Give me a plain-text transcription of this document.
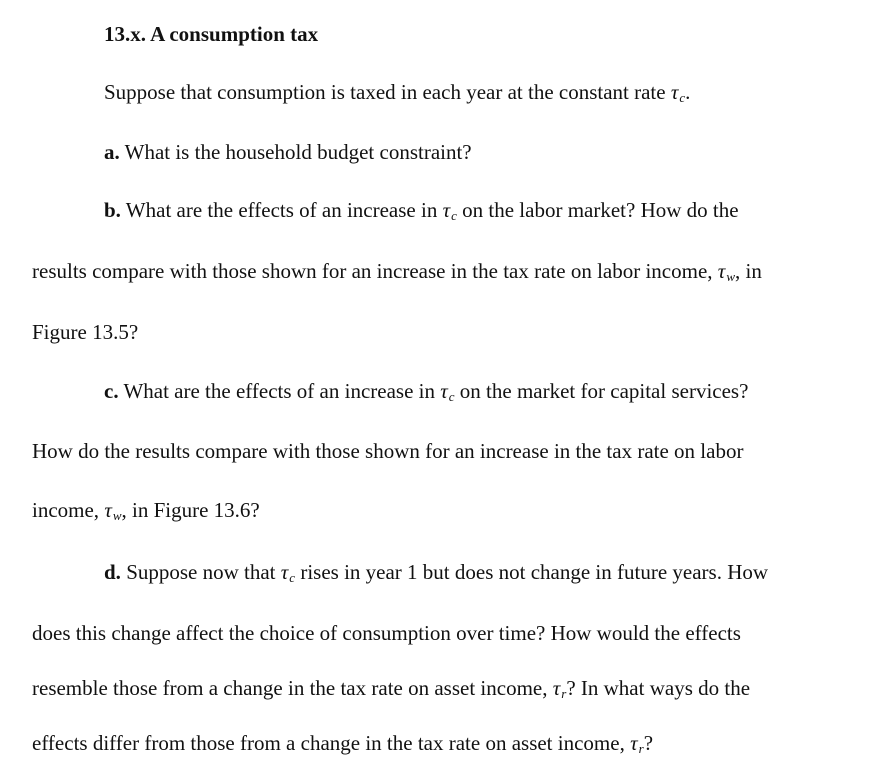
13.x. A consumption tax
Suppose that consumption is taxed in each year at the constant rate τc.
a. What is the household budget constraint?
b. What are the effects of an increase in τc on the labor market? How do the
results compare with those shown for an increase in the tax rate on labor income, τw, in
Figure 13.5?
c. What are the effects of an increase in τc on the market for capital services?
How do the results compare with those shown for an increase in the tax rate on labor
income, τw, in Figure 13.6?
d. Suppose now that τc rises in year 1 but does not change in future years. How
does this change affect the choice of consumption over time? How would the effects
resemble those from a change in the tax rate on asset income, τr? In what ways do the
effects differ from those from a change in the tax rate on asset income, τr?
